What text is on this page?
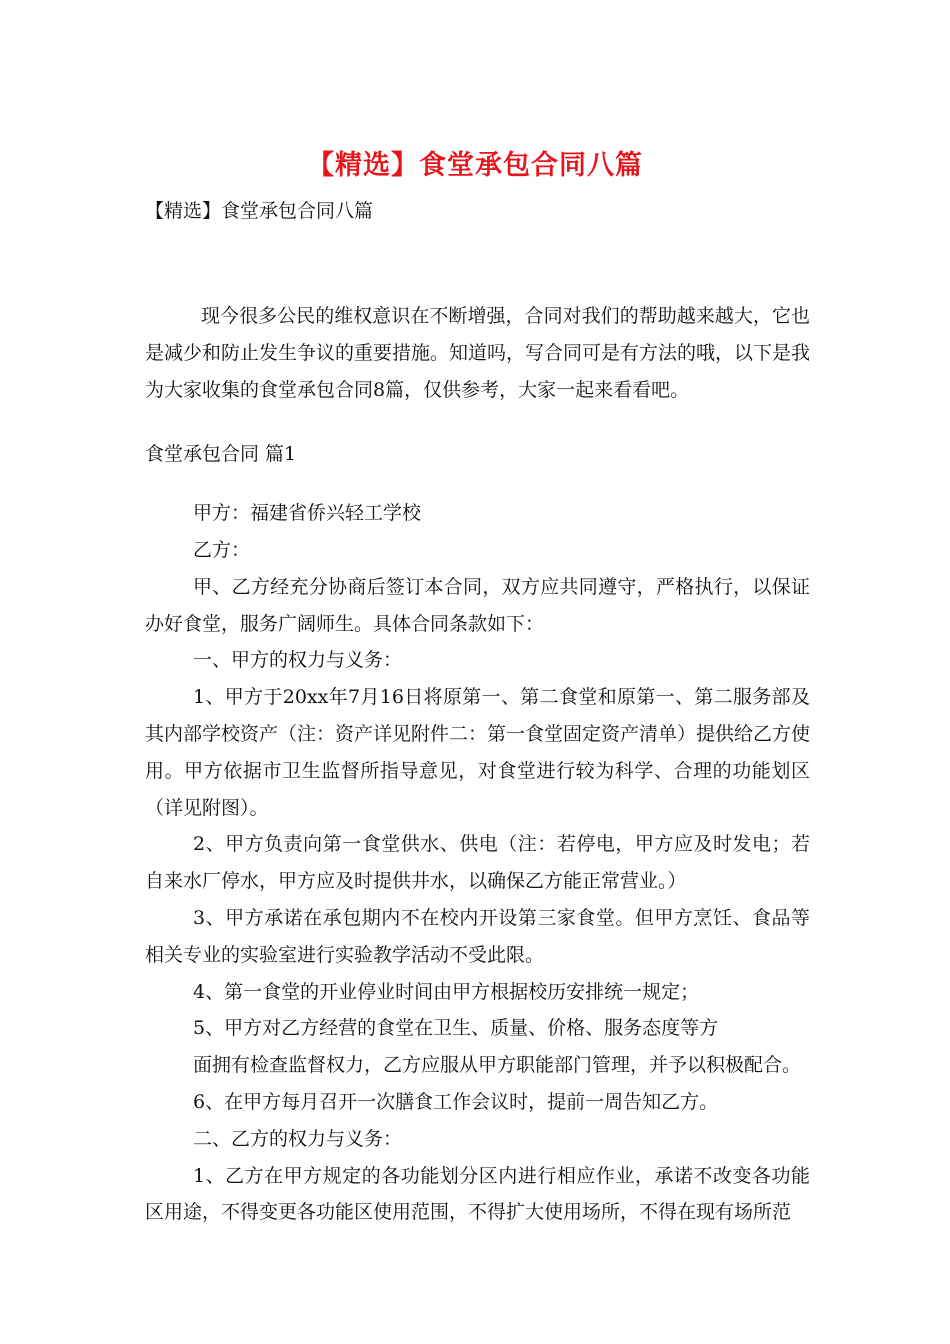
【精选】食堂承包合同八篇
【精选】食堂承包合同八篇

现今很多公民的维权意识在不断增强，合同对我们的帮助越来越大，它也是减少和防止发生争议的重要措施。知道吗，写合同可是有方法的哦，以下是我为大家收集的食堂承包合同8篇，仅供参考，大家一起来看看吧。

食堂承包合同 篇1

甲方：福建省侨兴轻工学校

乙方：

甲、乙方经充分协商后签订本合同，双方应共同遵守，严格执行，以保证办好食堂，服务广阔师生。具体合同条款如下：

一、甲方的权力与义务：

1、甲方于20xx年7月16日将原第一、第二食堂和原第一、第二服务部及其内部学校资产（注：资产详见附件二：第一食堂固定资产清单）提供给乙方使用。甲方依据市卫生监督所指导意见，对食堂进行较为科学、合理的功能划区（详见附图）。

2、甲方负责向第一食堂供水、供电（注：若停电，甲方应及时发电；若自来水厂停水，甲方应及时提供井水，以确保乙方能正常营业。）

3、甲方承诺在承包期内不在校内开设第三家食堂。但甲方烹饪、食品等相关专业的实验室进行实验教学活动不受此限。

4、第一食堂的开业停业时间由甲方根据校历安排统一规定；

5、甲方对乙方经营的食堂在卫生、质量、价格、服务态度等方

面拥有检查监督权力，乙方应服从甲方职能部门管理，并予以积极配合。

6、在甲方每月召开一次膳食工作会议时，提前一周告知乙方。

二、乙方的权力与义务：

1、乙方在甲方规定的各功能划分区内进行相应作业，承诺不改变各功能区用途，不得变更各功能区使用范围，不得扩大使用场所，不得在现有场所范
